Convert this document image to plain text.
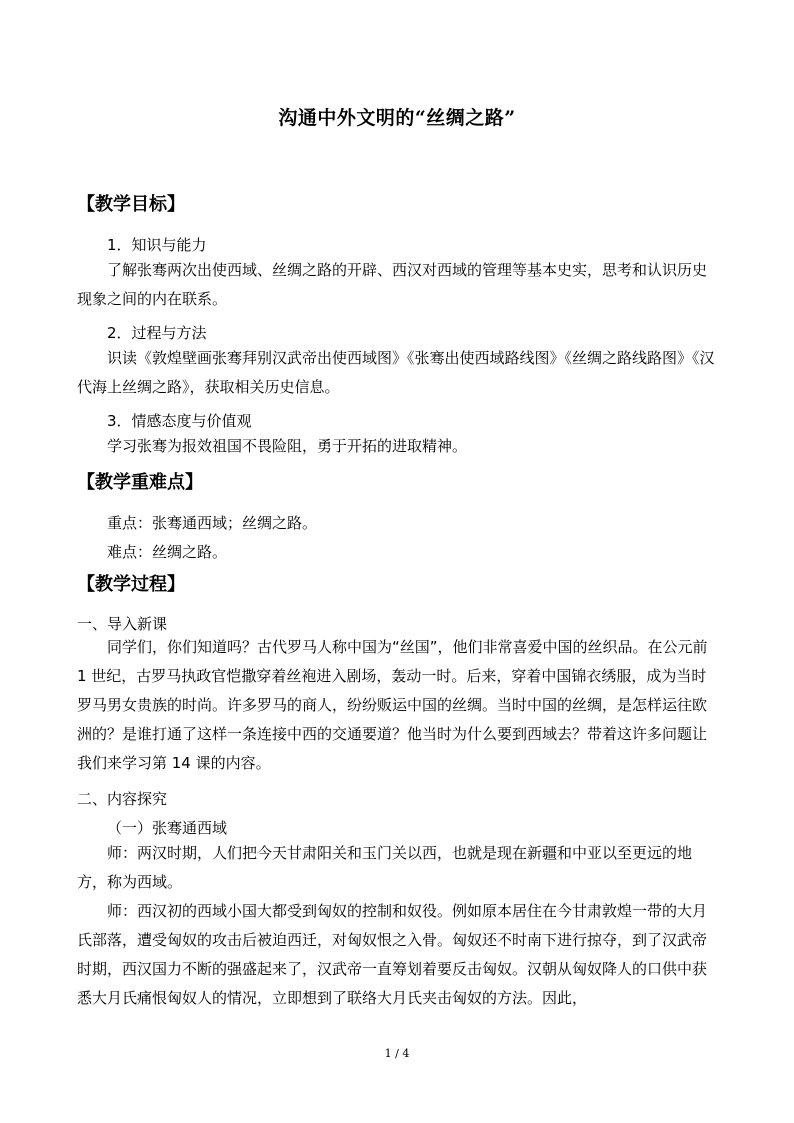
沟通中外文明的“丝绸之路”
【教学目标】
1．知识与能力
了解张骞两次出使西域、丝绸之路的开辟、西汉对西域的管理等基本史实，思考和认识历史现象之间的内在联系。
2．过程与方法
识读《敦煌壁画张骞拜别汉武帝出使西域图》《张骞出使西域路线图》《丝绸之路线路图》《汉代海上丝绸之路》，获取相关历史信息。
3．情感态度与价值观
学习张骞为报效祖国不畏险阻，勇于开拓的进取精神。
【教学重难点】
重点：张骞通西域；丝绸之路。
难点：丝绸之路。
【教学过程】
一、导入新课
同学们，你们知道吗？古代罗马人称中国为“丝国”，他们非常喜爱中国的丝织品。在公元前 1 世纪，古罗马执政官恺撒穿着丝袍进入剧场，轰动一时。后来，穿着中国锦衣绣服，成为当时罗马男女贵族的时尚。许多罗马的商人，纷纷贩运中国的丝绸。当时中国的丝绸，是怎样运往欧洲的？是谁打通了这样一条连接中西的交通要道？他当时为什么要到西域去？带着这许多问题让我们来学习第 14 课的内容。
二、内容探究
（一）张骞通西域
师：两汉时期，人们把今天甘肃阳关和玉门关以西，也就是现在新疆和中亚以至更远的地方，称为西域。
师：西汉初的西域小国大都受到匈奴的控制和奴役。例如原本居住在今甘肃敦煌一带的大月氏部落，遭受匈奴的攻击后被迫西迁，对匈奴恨之入骨。匈奴还不时南下进行掠夺，到了汉武帝时期，西汉国力不断的强盛起来了，汉武帝一直筹划着要反击匈奴。汉朝从匈奴降人的口供中获悉大月氏痛恨匈奴人的情况，立即想到了联络大月氏夹击匈奴的方法。因此，
1 / 4
